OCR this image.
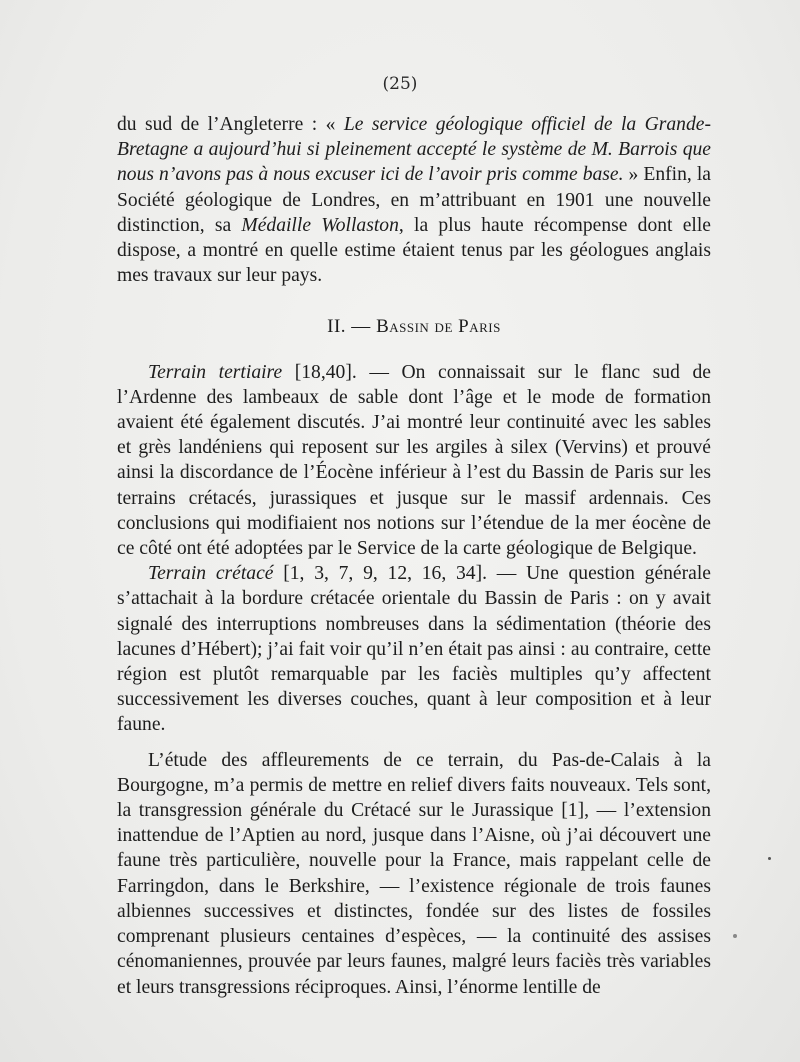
(25)

du sud de l’Angleterre : « Le service géologique officiel de la Grande-Bretagne a aujourd’hui si pleinement accepté le système de M. Barrois que nous n’avons pas à nous excuser ici de l’avoir pris comme base. » Enfin, la Société géologique de Londres, en m’attribuant en 1901 une nouvelle distinction, sa Médaille Wollaston, la plus haute récompense dont elle dispose, a montré en quelle estime étaient tenus par les géologues anglais mes travaux sur leur pays.

II. — Bassin de Paris

Terrain tertiaire [18,40]. — On connaissait sur le flanc sud de l’Ardenne des lambeaux de sable dont l’âge et le mode de formation avaient été également discutés. J’ai montré leur continuité avec les sables et grès landéniens qui reposent sur les argiles à silex (Vervins) et prouvé ainsi la discordance de l’Éocène inférieur à l’est du Bassin de Paris sur les terrains crétacés, jurassiques et jusque sur le massif ardennais. Ces conclusions qui modifiaient nos notions sur l’étendue de la mer éocène de ce côté ont été adoptées par le Service de la carte géologique de Belgique.

Terrain crétacé [1, 3, 7, 9, 12, 16, 34]. — Une question générale s’attachait à la bordure crétacée orientale du Bassin de Paris : on y avait signalé des interruptions nombreuses dans la sédimentation (théorie des lacunes d’Hébert); j’ai fait voir qu’il n’en était pas ainsi : au contraire, cette région est plutôt remarquable par les faciès multiples qu’y affectent successivement les diverses couches, quant à leur composition et à leur faune.

L’étude des affleurements de ce terrain, du Pas-de-Calais à la Bourgogne, m’a permis de mettre en relief divers faits nouveaux. Tels sont, la transgression générale du Crétacé sur le Jurassique [1], — l’extension inattendue de l’Aptien au nord, jusque dans l’Aisne, où j’ai découvert une faune très particulière, nouvelle pour la France, mais rappelant celle de Farringdon, dans le Berkshire, — l’existence régionale de trois faunes albiennes successives et distinctes, fondée sur des listes de fossiles comprenant plusieurs centaines d’espèces, — la continuité des assises cénomaniennes, prouvée par leurs faunes, malgré leurs faciès très variables et leurs transgressions réciproques. Ainsi, l’énorme lentille de
